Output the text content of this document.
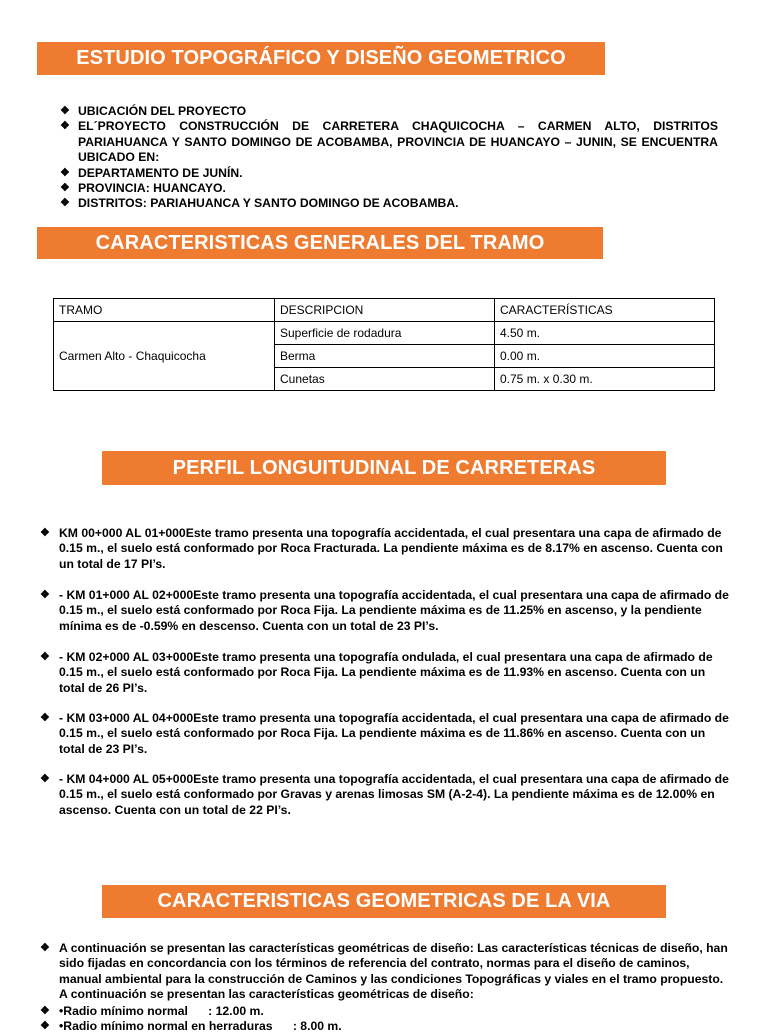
ESTUDIO TOPOGRÁFICO Y DISEÑO GEOMETRICO
❖ UBICACIÓN DEL PROYECTO
❖ EL´PROYECTO CONSTRUCCIÓN DE CARRETERA CHAQUICOCHA – CARMEN ALTO, DISTRITOS PARIAHUANCA Y SANTO DOMINGO DE ACOBAMBA, PROVINCIA DE HUANCAYO – JUNIN, SE ENCUENTRA UBICADO EN:
❖ DEPARTAMENTO DE JUNÍN.
❖ PROVINCIA: HUANCAYO.
❖ DISTRITOS: PARIAHUANCA Y SANTO DOMINGO DE ACOBAMBA.
CARACTERISTICAS GENERALES DEL TRAMO
TRAMO	DESCRIPCION	CARACTERÍSTICAS
Carmen Alto - Chaquicocha	Superficie de rodadura	4.50 m.
	Berma	0.00 m.
	Cunetas	0.75 m. x 0.30 m.
PERFIL LONGUITUDINAL DE CARRETERAS
❖ KM 00+000 AL 01+000Este tramo presenta una topografía accidentada, el cual presentara una capa de afirmado de 0.15 m., el suelo está conformado por Roca Fracturada. La pendiente máxima es de 8.17% en ascenso. Cuenta con un total de 17 PI’s.
❖ - KM 01+000 AL 02+000Este tramo presenta una topografía accidentada, el cual presentara una capa de afirmado de 0.15 m., el suelo está conformado por Roca Fija. La pendiente máxima es de 11.25% en ascenso, y la pendiente mínima es de -0.59% en descenso. Cuenta con un total de 23 PI’s.
❖ - KM 02+000 AL 03+000Este tramo presenta una topografía ondulada, el cual presentara una capa de afirmado de 0.15 m., el suelo está conformado por Roca Fija. La pendiente máxima es de 11.93% en ascenso. Cuenta con un total de 26 PI’s.
❖ - KM 03+000 AL 04+000Este tramo presenta una topografía accidentada, el cual presentara una capa de afirmado de 0.15 m., el suelo está conformado por Roca Fija. La pendiente máxima es de 11.86% en ascenso. Cuenta con un total de 23 PI’s.
❖ - KM 04+000 AL 05+000Este tramo presenta una topografía accidentada, el cual presentara una capa de afirmado de 0.15 m., el suelo está conformado por Gravas y arenas limosas SM (A-2-4). La pendiente máxima es de 12.00% en ascenso. Cuenta con un total de 22 PI’s.
CARACTERISTICAS GEOMETRICAS DE LA VIA
❖ A continuación se presentan las características geométricas de diseño: Las características técnicas de diseño, han sido fijadas en concordancia con los términos de referencia del contrato, normas para el diseño de caminos, manual ambiental para la construcción de Caminos y las condiciones Topográficas y viales en el tramo propuesto. A continuación se presentan las características geométricas de diseño:
❖ •Radio mínimo normal      : 12.00 m.
❖ •Radio mínimo normal en herraduras      : 8.00 m.
